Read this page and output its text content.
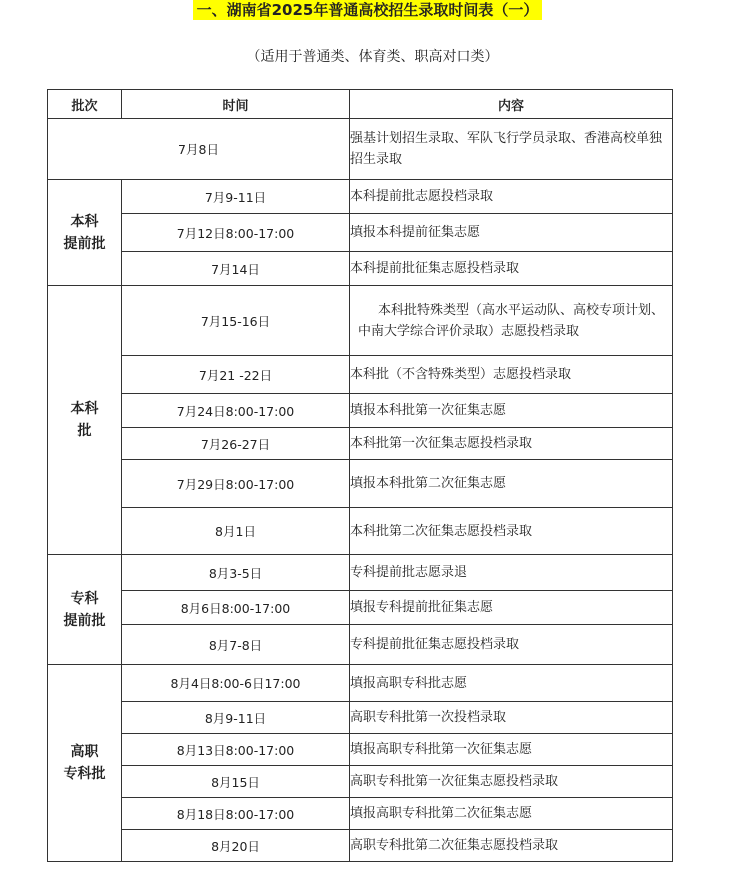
一、湖南省2025年普通高校招生录取时间表（一）
（适用于普通类、体育类、职高对口类）
批次	时间	内容
7月8日		强基计划招生录取、军队飞行学员录取、香港高校单独招生录取

本科
提前批	7月9-11日	本科提前批志愿投档录取
	7月12日8:00-17:00	填报本科提前征集志愿
	7月14日	本科提前批征集志愿投档录取

本科
批	7月15-16日	本科批特殊类型（高水平运动队、高校专项计划、中南大学综合评价录取）志愿投档录取
	7月21 -22日	本科批（不含特殊类型）志愿投档录取
	7月24日8:00-17:00	填报本科批第一次征集志愿
	7月26-27日	本科批第一次征集志愿投档录取
	7月29日8:00-17:00	填报本科批第二次征集志愿
	8月1日	本科批第二次征集志愿投档录取

专科
提前批	8月3-5日	专科提前批志愿录退
	8月6日8:00-17:00	填报专科提前批征集志愿
	8月7-8日	专科提前批征集志愿投档录取

高职
专科批	8月4日8:00-6日17:00	填报高职专科批志愿
	8月9-11日	高职专科批第一次投档录取
	8月13日8:00-17:00	填报高职专科批第一次征集志愿
	8月15日	高职专科批第一次征集志愿投档录取
	8月18日8:00-17:00	填报高职专科批第二次征集志愿
	8月20日	高职专科批第二次征集志愿投档录取
